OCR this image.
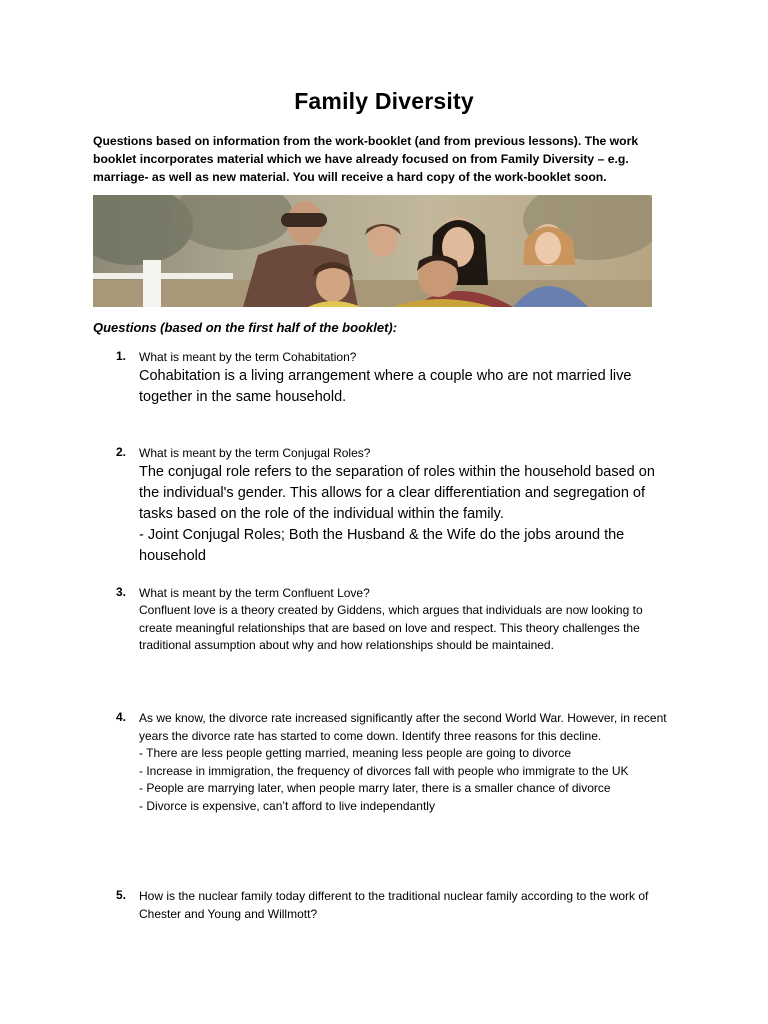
Family Diversity
Questions based on information from the work-booklet (and from previous lessons). The work booklet incorporates material which we have already focused on from Family Diversity – e.g. marriage- as well as new material. You will receive a hard copy of the work-booklet soon.
Questions (based on the first half of the booklet):
1. What is meant by the term Cohabitation?
Cohabitation is a living arrangement where a couple who are not married live together in the same household.
2. What is meant by the term Conjugal Roles?
The conjugal role refers to the separation of roles within the household based on the individual's gender. This allows for a clear differentiation and segregation of tasks based on the role of the individual within the family.
- Joint Conjugal Roles; Both the Husband & the Wife do the jobs around the household
3. What is meant by the term Confluent Love?
Confluent love is a theory created by Giddens, which argues that individuals are now looking to create meaningful relationships that are based on love and respect. This theory challenges the traditional assumption about why and how relationships should be maintained.
4. As we know, the divorce rate increased significantly after the second World War. However, in recent years the divorce rate has started to come down. Identify three reasons for this decline.
- There are less people getting married, meaning less people are going to divorce
- Increase in immigration, the frequency of divorces fall with people who immigrate to the UK
- People are marrying later, when people marry later, there is a smaller chance of divorce
- Divorce is expensive, can’t afford to live independantly
5. How is the nuclear family today different to the traditional nuclear family according to the work of Chester and Young and Willmott?
